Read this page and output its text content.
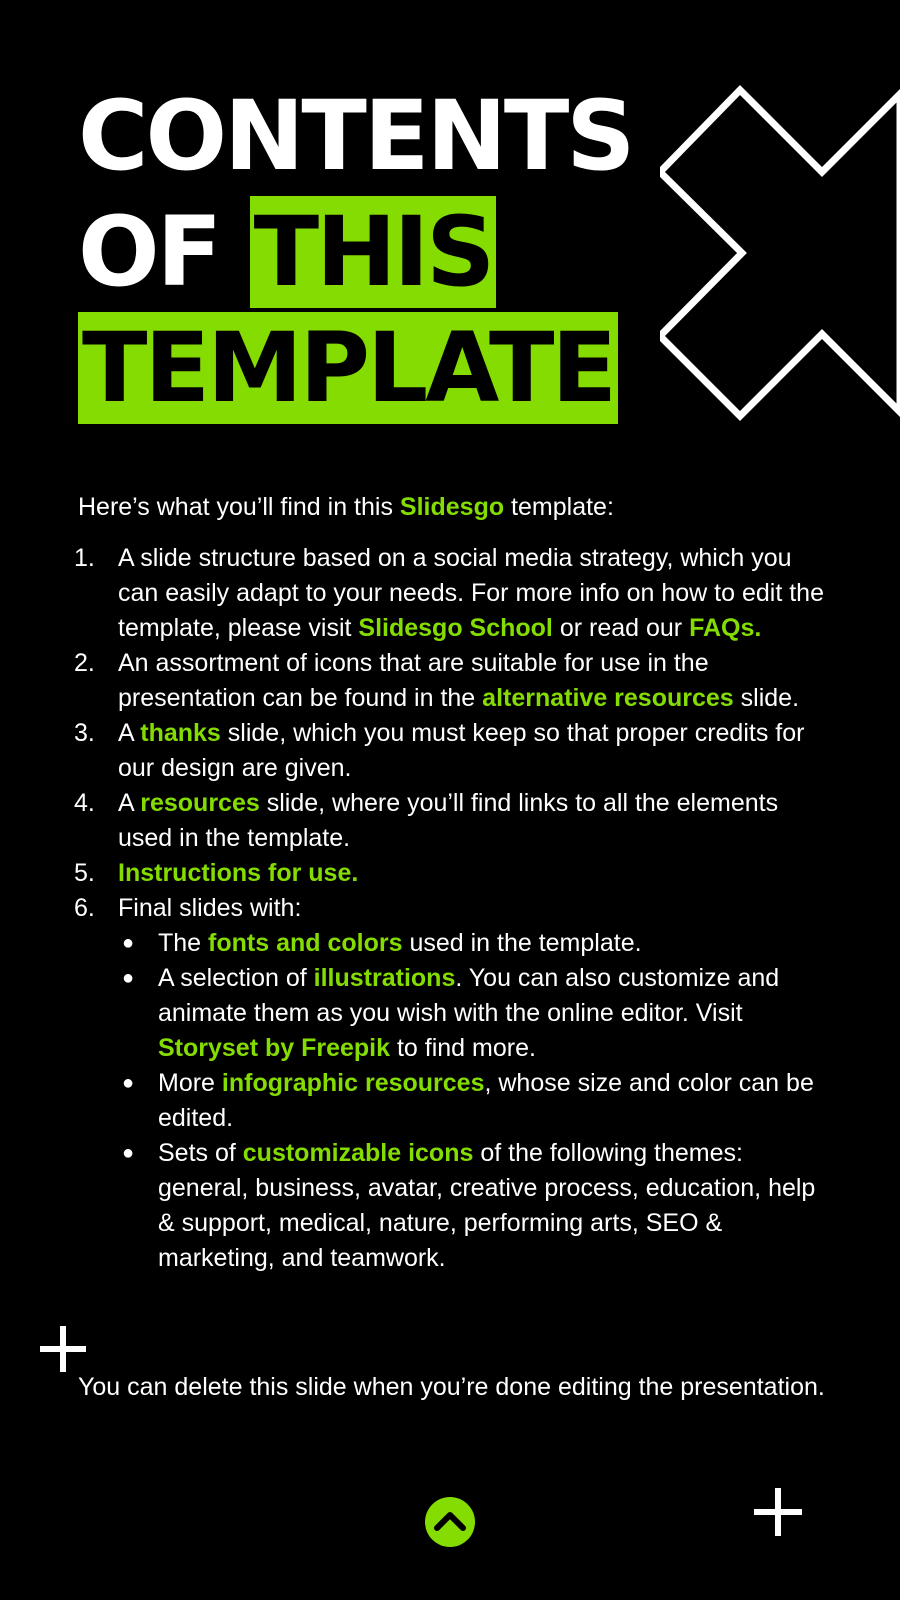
CONTENTS
OF THIS
TEMPLATE

Here’s what you’ll find in this Slidesgo template:

1. A slide structure based on a social media strategy, which you can easily adapt to your needs. For more info on how to edit the template, please visit Slidesgo School or read our FAQs.
2. An assortment of icons that are suitable for use in the presentation can be found in the alternative resources slide.
3. A thanks slide, which you must keep so that proper credits for our design are given.
4. A resources slide, where you’ll find links to all the elements used in the template.
5. Instructions for use.
6. Final slides with:
● The fonts and colors used in the template.
● A selection of illustrations. You can also customize and animate them as you wish with the online editor. Visit Storyset by Freepik to find more.
● More infographic resources, whose size and color can be edited.
● Sets of customizable icons of the following themes: general, business, avatar, creative process, education, help & support, medical, nature, performing arts, SEO & marketing, and teamwork.

You can delete this slide when you’re done editing the presentation.
